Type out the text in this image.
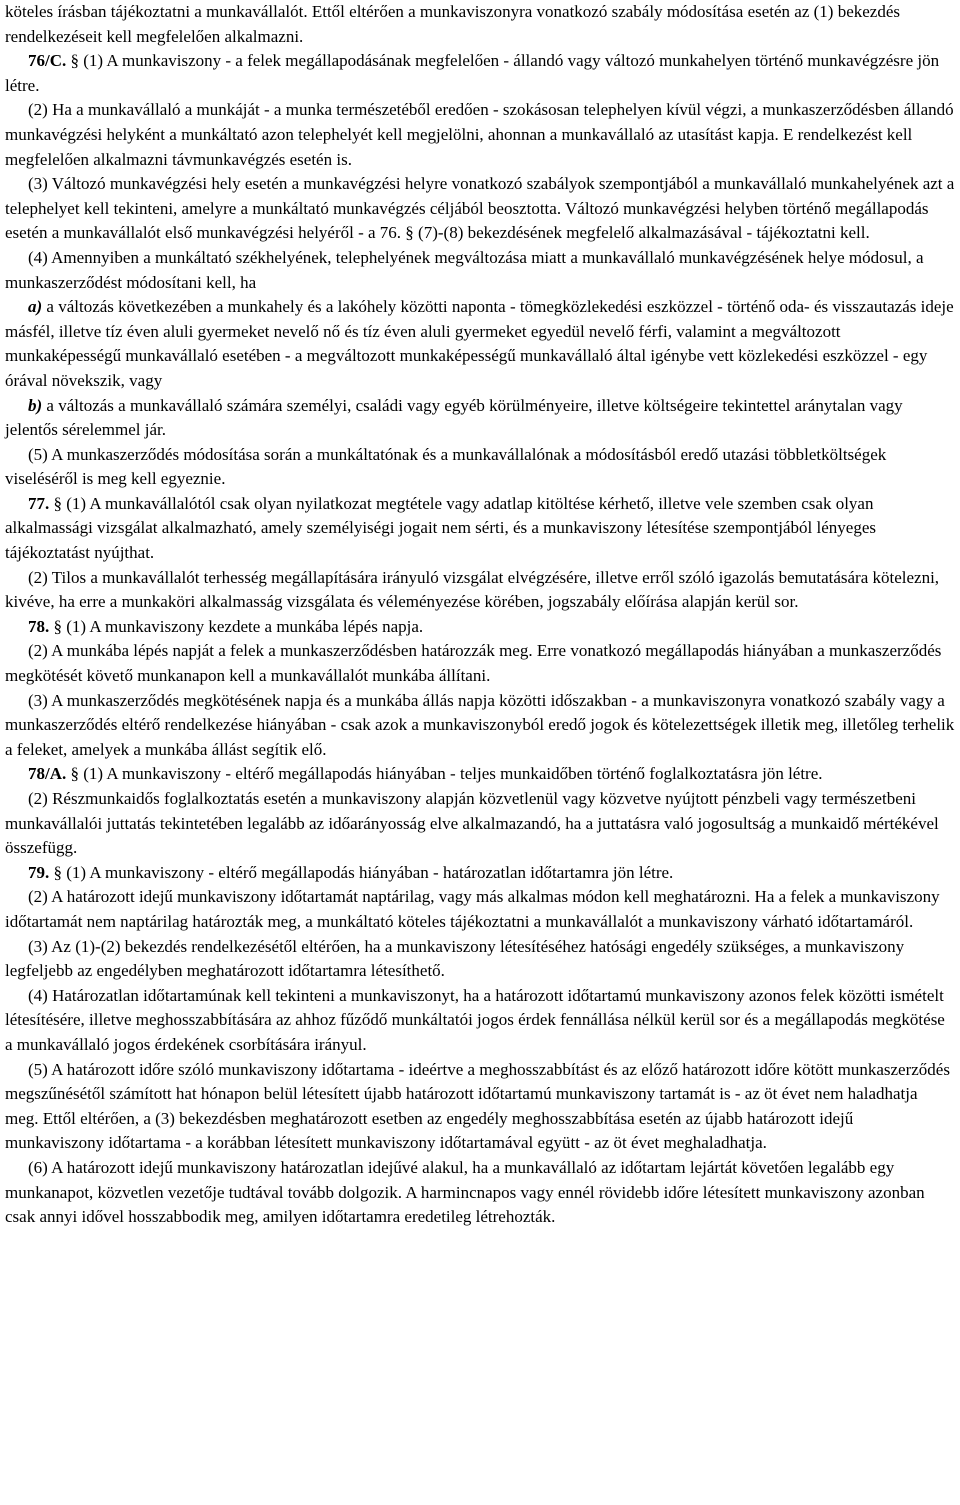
köteles írásban tájékoztatni a munkavállalót. Ettől eltérően a munkaviszonyra vonatkozó szabály módosítása esetén az (1) bekezdés rendelkezéseit kell megfelelően alkalmazni.

76/C. § (1) A munkaviszony - a felek megállapodásának megfelelően - állandó vagy változó munkahelyen történő munkavégzésre jön létre.

(2) Ha a munkavállaló a munkáját - a munka természetéből eredően - szokásosan telephelyen kívül végzi, a munkaszerződésben állandó munkavégzési helyként a munkáltató azon telephelyét kell megjelölni, ahonnan a munkavállaló az utasítást kapja. E rendelkezést kell megfelelően alkalmazni távmunkavégzés esetén is.

(3) Változó munkavégzési hely esetén a munkavégzési helyre vonatkozó szabályok szempontjából a munkavállaló munkahelyének azt a telephelyet kell tekinteni, amelyre a munkáltató munkavégzés céljából beosztotta. Változó munkavégzési helyben történő megállapodás esetén a munkavállalót első munkavégzési helyéről - a 76. § (7)-(8) bekezdésének megfelelő alkalmazásával - tájékoztatni kell.

(4) Amennyiben a munkáltató székhelyének, telephelyének megváltozása miatt a munkavállaló munkavégzésének helye módosul, a munkaszerződést módosítani kell, ha

a) a változás következében a munkahely és a lakóhely közötti naponta - tömegközlekedési eszközzel - történő oda- és visszautazás ideje másfél, illetve tíz éven aluli gyermeket nevelő nő és tíz éven aluli gyermeket egyedül nevelő férfi, valamint a megváltozott munkaképességű munkavállaló esetében - a megváltozott munkaképességű munkavállaló által igénybe vett közlekedési eszközzel - egy órával növekszik, vagy

b) a változás a munkavállaló számára személyi, családi vagy egyéb körülményeire, illetve költségeire tekintettel aránytalan vagy jelentős sérelemmel jár.

(5) A munkaszerződés módosítása során a munkáltatónak és a munkavállalónak a módosításból eredő utazási többletköltségek viseléséről is meg kell egyeznie.

77. § (1) A munkavállalótól csak olyan nyilatkozat megtétele vagy adatlap kitöltése kérhető, illetve vele szemben csak olyan alkalmassági vizsgálat alkalmazható, amely személyiségi jogait nem sérti, és a munkaviszony létesítése szempontjából lényeges tájékoztatást nyújthat.

(2) Tilos a munkavállalót terhesség megállapítására irányuló vizsgálat elvégzésére, illetve erről szóló igazolás bemutatására kötelezni, kivéve, ha erre a munkaköri alkalmasság vizsgálata és véleményezése körében, jogszabály előírása alapján kerül sor.

78. § (1) A munkaviszony kezdete a munkába lépés napja.

(2) A munkába lépés napját a felek a munkaszerződésben határozzák meg. Erre vonatkozó megállapodás hiányában a munkaszerződés megkötését követő munkanapon kell a munkavállalót munkába állítani.

(3) A munkaszerződés megkötésének napja és a munkába állás napja közötti időszakban - a munkaviszonyra vonatkozó szabály vagy a munkaszerződés eltérő rendelkezése hiányában - csak azok a munkaviszonyból eredő jogok és kötelezettségek illetik meg, illetőleg terhelik a feleket, amelyek a munkába állást segítik elő.

78/A. § (1) A munkaviszony - eltérő megállapodás hiányában - teljes munkaidőben történő foglalkoztatásra jön létre.

(2) Részmunkaidős foglalkoztatás esetén a munkaviszony alapján közvetlenül vagy közvetve nyújtott pénzbeli vagy természetbeni munkavállalói juttatás tekintetében legalább az időarányosság elve alkalmazandó, ha a juttatásra való jogosultság a munkaidő mértékével összefügg.

79. § (1) A munkaviszony - eltérő megállapodás hiányában - határozatlan időtartamra jön létre.

(2) A határozott idejű munkaviszony időtartamát naptárilag, vagy más alkalmas módon kell meghatározni. Ha a felek a munkaviszony időtartamát nem naptárilag határozták meg, a munkáltató köteles tájékoztatni a munkavállalót a munkaviszony várható időtartamáról.

(3) Az (1)-(2) bekezdés rendelkezésétől eltérően, ha a munkaviszony létesítéséhez hatósági engedély szükséges, a munkaviszony legfeljebb az engedélyben meghatározott időtartamra létesíthető.

(4) Határozatlan időtartamúnak kell tekinteni a munkaviszonyt, ha a határozott időtartamú munkaviszony azonos felek közötti ismételt létesítésére, illetve meghosszabbítására az ahhoz fűződő munkáltatói jogos érdek fennállása nélkül kerül sor és a megállapodás megkötése a munkavállaló jogos érdekének csorbítására irányul.

(5) A határozott időre szóló munkaviszony időtartama - ideértve a meghosszabbítást és az előző határozott időre kötött munkaszerződés megszűnésétől számított hat hónapon belül létesített újabb határozott időtartamú munkaviszony tartamát is - az öt évet nem haladhatja meg. Ettől eltérően, a (3) bekezdésben meghatározott esetben az engedély meghosszabbítása esetén az újabb határozott idejű munkaviszony időtartama - a korábban létesített munkaviszony időtartamával együtt - az öt évet meghaladhatja.

(6) A határozott idejű munkaviszony határozatlan idejűvé alakul, ha a munkavállaló az időtartam lejártát követően legalább egy munkanapot, közvetlen vezetője tudtával tovább dolgozik. A harmincnapos vagy ennél rövidebb időre létesített munkaviszony azonban csak annyi idővel hosszabbodik meg, amilyen időtartamra eredetileg létrehozták.
